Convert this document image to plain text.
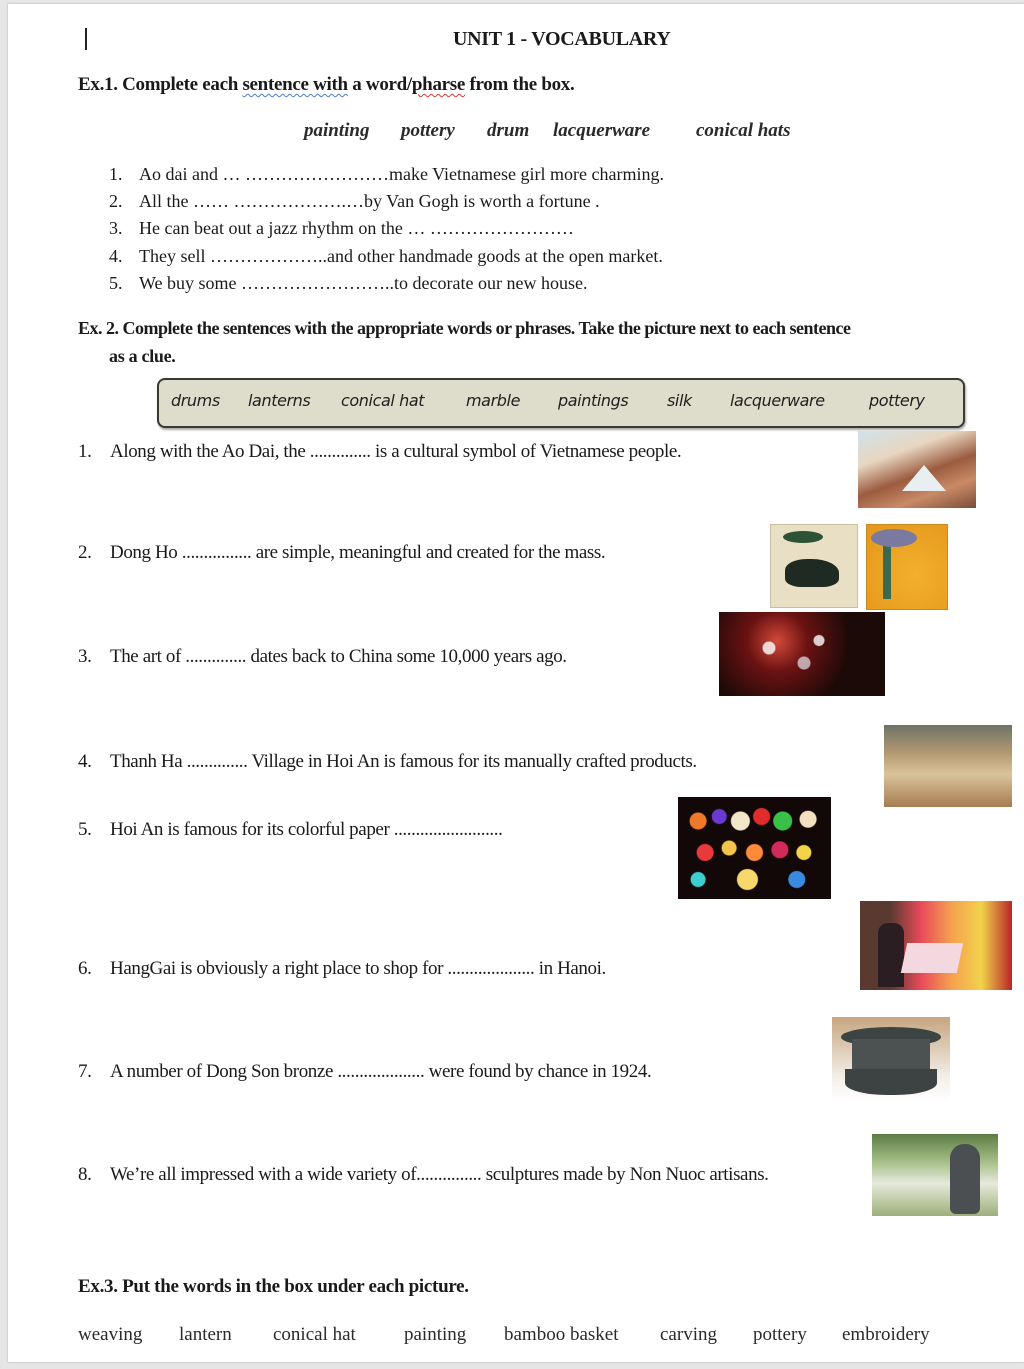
UNIT 1 - VOCABULARY
Ex.1. Complete each sentence with a word/pharse from the box.
painting pottery drum lacquerware conical hats
1. Ao dai and … ……………………make Vietnamese girl more charming.
2. All the …… ……………….…by Van Gogh is worth a fortune .
3. He can beat out a jazz rhythm on the … ……………………
4. They sell ………………..and other handmade goods at the open market.
5. We buy some ……………………..to decorate our new house.
Ex. 2. Complete the sentences with the appropriate words or phrases. Take the picture next to each sentence
as a clue.
drums lanterns conical hat	marble paintings silk lacquerware	pottery
1. Along with the Ao Dai, the .............. is a cultural symbol of Vietnamese people.
2. Dong Ho ................ are simple, meaningful and created for the mass.
3. The art of .............. dates back to China some 10,000 years ago.
4. Thanh Ha .............. Village in Hoi An is famous for its manually crafted products.
5. Hoi An is famous for its colorful paper .........................
6. HangGai is obviously a right place to shop for .................... in Hanoi.
7. A number of Dong Son bronze .................... were found by chance in 1924.
8. We’re all impressed with a wide variety of............... sculptures made by Non Nuoc artisans.
Ex.3. Put the words in the box under each picture.
weaving lantern conical hat	painting bamboo basket carving pottery embroidery
